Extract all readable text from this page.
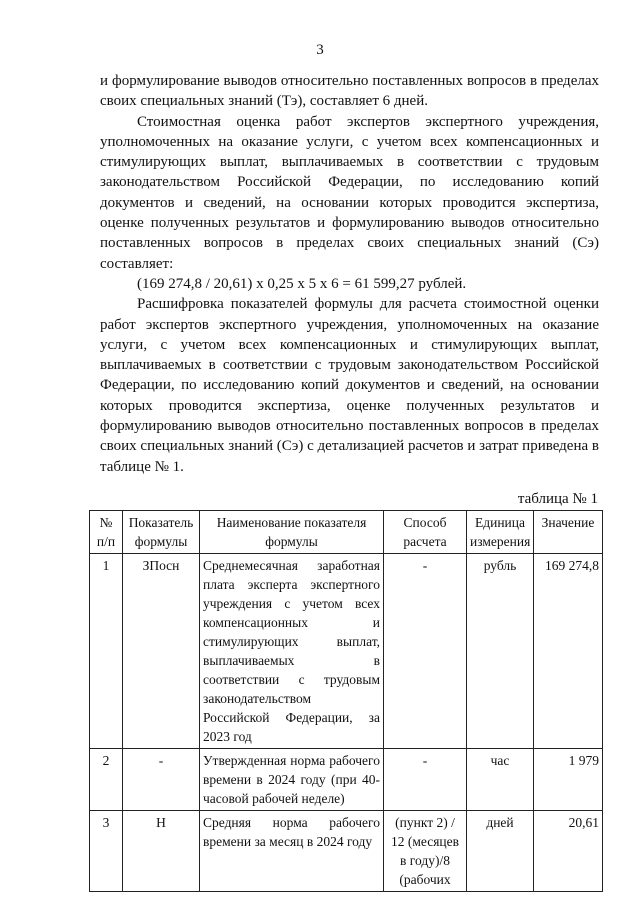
3

и формулирование выводов относительно поставленных вопросов в пределах своих специальных знаний (Тэ), составляет 6 дней.

Стоимостная оценка работ экспертов экспертного учреждения, уполномоченных на оказание услуги, с учетом всех компенсационных и стимулирующих выплат, выплачиваемых в соответствии с трудовым законодательством Российской Федерации, по исследованию копий документов и сведений, на основании которых проводится экспертиза, оценке полученных результатов и формулированию выводов относительно поставленных вопросов в пределах своих специальных знаний (Сэ) составляет:

(169 274,8 / 20,61) х 0,25 х 5 х 6 = 61 599,27 рублей.

Расшифровка показателей формулы для расчета стоимостной оценки работ экспертов экспертного учреждения, уполномоченных на оказание услуги, с учетом всех компенсационных и стимулирующих выплат, выплачиваемых в соответствии с трудовым законодательством Российской Федерации, по исследованию копий документов и сведений, на основании которых проводится экспертиза, оценке полученных результатов и формулированию выводов относительно поставленных вопросов в пределах своих специальных знаний (Сэ) с детализацией расчетов и затрат приведена в таблице № 1.

таблица № 1
№ п/п	Показатель формулы	Наименование показателя формулы	Способ расчета	Единица измерения	Значение
1	ЗПосн	Среднемесячная заработная плата эксперта экспертного учреждения с учетом всех компенсационных и стимулирующих выплат, выплачиваемых в соответствии с трудовым законодательством Российской Федерации, за 2023 год	-	рубль	169 274,8
2	-	Утвержденная норма рабочего времени в 2024 году (при 40-часовой рабочей неделе)	-	час	1 979
3	Н	Средняя норма рабочего времени за месяц в 2024 году	(пункт 2) / 12 (месяцев в году)/8 (рабочих	дней	20,61
